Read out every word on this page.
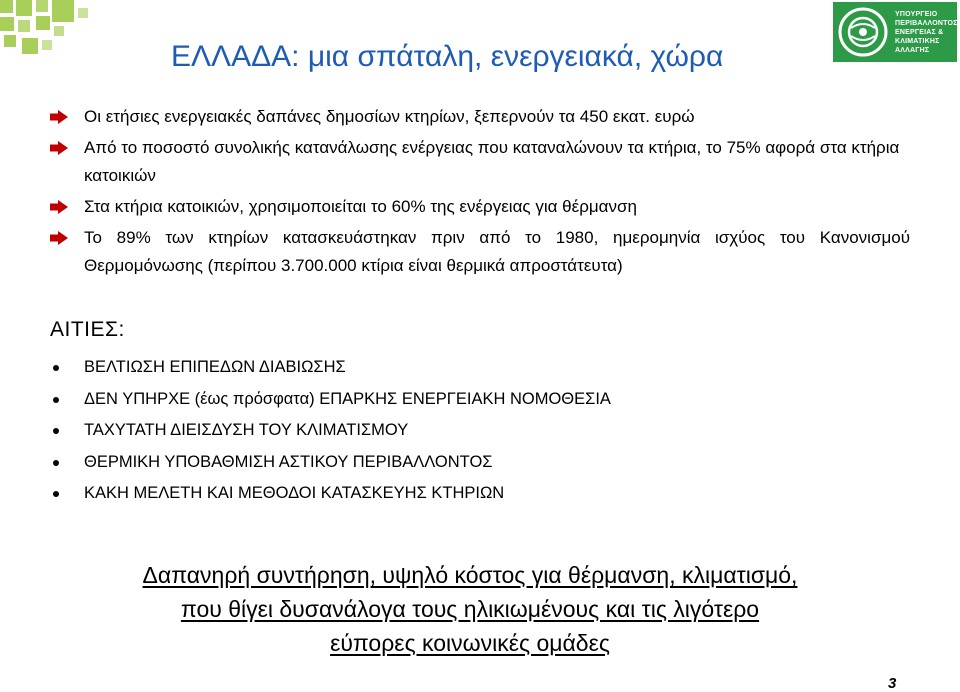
ΥΠΟΥΡΓΕΙΟ
ΠΕΡΙΒΑΛΛΟΝΤΟΣ
ΕΝΕΡΓΕΙΑΣ &
ΚΛΙΜΑΤΙΚΗΣ
ΑΛΛΑΓΗΣ
ΕΛΛΑΔΑ: μια σπάταλη, ενεργειακά, χώρα
Οι ετήσιες ενεργειακές δαπάνες δημοσίων κτηρίων, ξεπερνούν τα 450 εκατ. ευρώ
Από το ποσοστό συνολικής κατανάλωσης ενέργειας που καταναλώνουν τα κτήρια, το 75% αφορά στα κτήρια κατοικιών
Στα κτήρια κατοικιών, χρησιμοποιείται το 60% της ενέργειας για θέρμανση
Το 89% των κτηρίων κατασκευάστηκαν πριν από το 1980, ημερομηνία ισχύος του Κανονισμού Θερμομόνωσης (περίπου 3.700.000 κτίρια είναι θερμικά απροστάτευτα)
ΑΙΤΙΕΣ:
ΒΕΛΤΙΩΣΗ ΕΠΙΠΕΔΩΝ ΔΙΑΒΙΩΣΗΣ
ΔΕΝ ΥΠΗΡΧΕ (έως πρόσφατα) ΕΠΑΡΚΗΣ ΕΝΕΡΓΕΙΑΚΗ ΝΟΜΟΘΕΣΙΑ
ΤΑΧΥΤΑΤΗ ΔΙΕΙΣΔΥΣΗ ΤΟΥ ΚΛΙΜΑΤΙΣΜΟΥ
ΘΕΡΜΙΚΗ ΥΠΟΒΑΘΜΙΣΗ ΑΣΤΙΚΟΥ ΠΕΡΙΒΑΛΛΟΝΤΟΣ
ΚΑΚΗ ΜΕΛΕΤΗ ΚΑΙ ΜΕΘΟΔΟΙ ΚΑΤΑΣΚΕΥΗΣ ΚΤΗΡΙΩΝ
Δαπανηρή συντήρηση, υψηλό κόστος για θέρμανση, κλιματισμό,
που θίγει δυσανάλογα τους ηλικιωμένους και τις λιγότερο
εύπορες κοινωνικές ομάδες
3
